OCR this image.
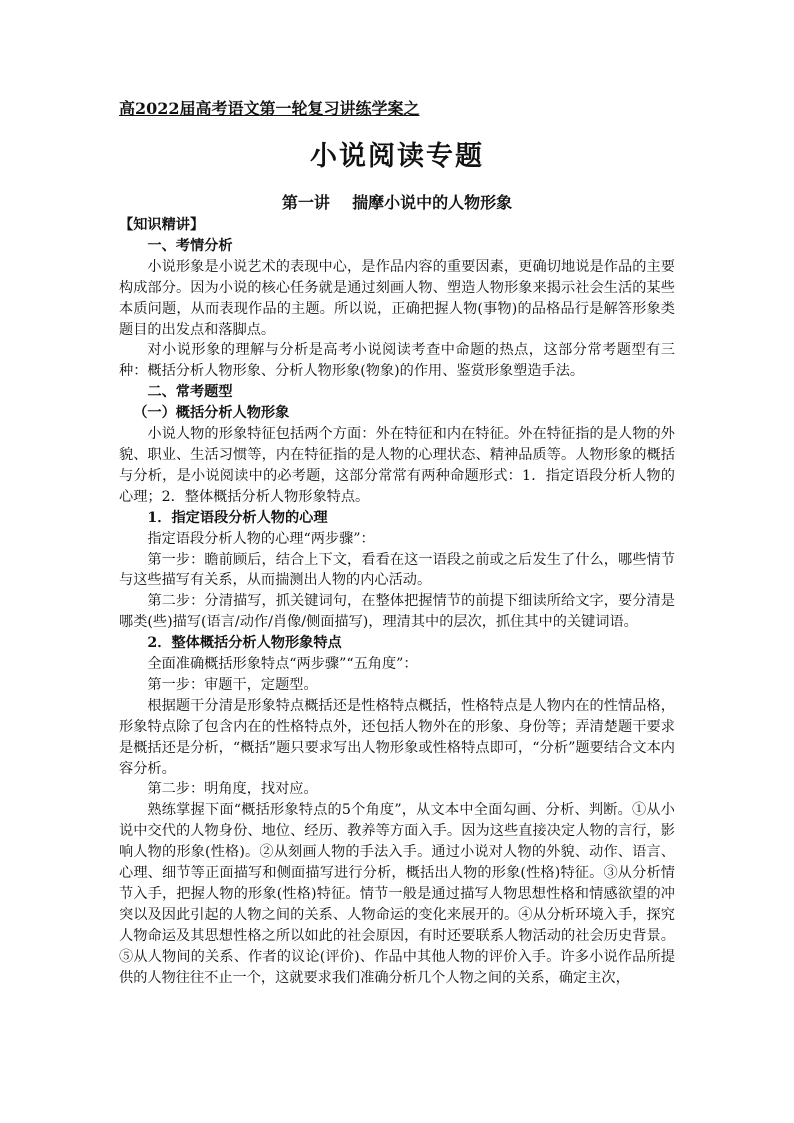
高2022届高考语文第一轮复习讲练学案之
小说阅读专题
第一讲    揣摩小说中的人物形象

【知识精讲】

一、考情分析

小说形象是小说艺术的表现中心，是作品内容的重要因素，更确切地说是作品的主要构成部分。因为小说的核心任务就是通过刻画人物、塑造人物形象来揭示社会生活的某些本质问题，从而表现作品的主题。所以说，正确把握人物(事物)的品格品行是解答形象类题目的出发点和落脚点。

对小说形象的理解与分析是高考小说阅读考查中命题的热点，这部分常考题型有三种：概括分析人物形象、分析人物形象(物象)的作用、鉴赏形象塑造手法。

二、常考题型

（一）概括分析人物形象

小说人物的形象特征包括两个方面：外在特征和内在特征。外在特征指的是人物的外貌、职业、生活习惯等，内在特征指的是人物的心理状态、精神品质等。人物形象的概括与分析，是小说阅读中的必考题，这部分常常有两种命题形式：1．指定语段分析人物的心理；2．整体概括分析人物形象特点。

1．指定语段分析人物的心理

指定语段分析人物的心理“两步骤”：

第一步：瞻前顾后，结合上下文，看看在这一语段之前或之后发生了什么，哪些情节与这些描写有关系，从而揣测出人物的内心活动。

第二步：分清描写，抓关键词句，在整体把握情节的前提下细读所给文字，要分清是哪类(些)描写(语言/动作/肖像/侧面描写)，理清其中的层次，抓住其中的关键词语。

2．整体概括分析人物形象特点

全面准确概括形象特点“两步骤”“五角度”：

第一步：审题干，定题型。

根据题干分清是形象特点概括还是性格特点概括，性格特点是人物内在的性情品格，形象特点除了包含内在的性格特点外，还包括人物外在的形象、身份等；弄清楚题干要求是概括还是分析，“概括”题只要求写出人物形象或性格特点即可，“分析”题要结合文本内容分析。

第二步：明角度，找对应。

熟练掌握下面“概括形象特点的5个角度”，从文本中全面勾画、分析、判断。①从小说中交代的人物身份、地位、经历、教养等方面入手。因为这些直接决定人物的言行，影响人物的形象(性格)。②从刻画人物的手法入手。通过小说对人物的外貌、动作、语言、心理、细节等正面描写和侧面描写进行分析，概括出人物的形象(性格)特征。③从分析情节入手，把握人物的形象(性格)特征。情节一般是通过描写人物思想性格和情感欲望的冲突以及因此引起的人物之间的关系、人物命运的变化来展开的。④从分析环境入手，探究人物命运及其思想性格之所以如此的社会原因，有时还要联系人物活动的社会历史背景。⑤从人物间的关系、作者的议论(评价)、作品中其他人物的评价入手。许多小说作品所提供的人物往往不止一个，这就要求我们准确分析几个人物之间的关系，确定主次，
